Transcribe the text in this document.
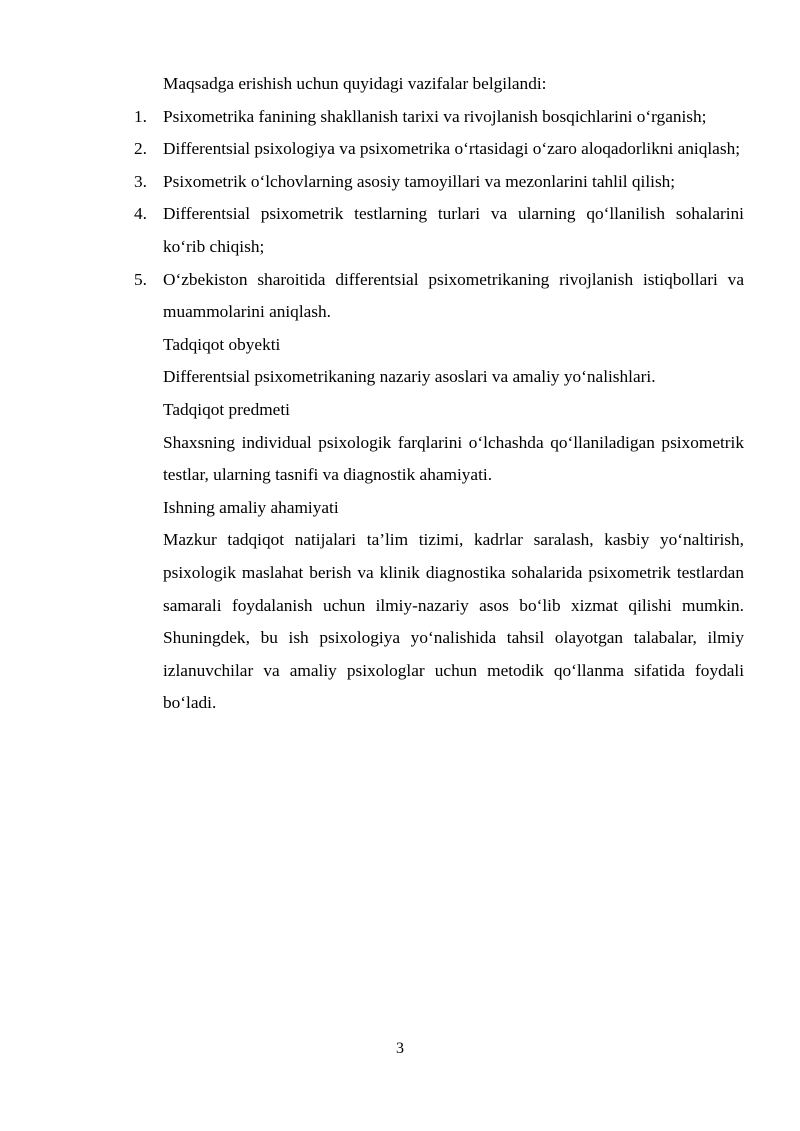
Maqsadga erishish uchun quyidagi vazifalar belgilandi:

1. Psixometrika fanining shakllanish tarixi va rivojlanish bosqichlarini o‘rganish;
2. Differentsial psixologiya va psixometrika o‘rtasidagi o‘zaro aloqadorlikni aniqlash;
3. Psixometrik o‘lchovlarning asosiy tamoyillari va mezonlarini tahlil qilish;
4. Differentsial psixometrik testlarning turlari va ularning qo‘llanilish sohalarini ko‘rib chiqish;
5. O‘zbekiston sharoitida differentsial psixometrikaning rivojlanish istiqbollari va muammolarini aniqlash.

Tadqiqot obyekti

Differentsial psixometrikaning nazariy asoslari va amaliy yo‘nalishlari.

Tadqiqot predmeti

Shaxsning individual psixologik farqlarini o‘lchashda qo‘llaniladigan psixometrik testlar, ularning tasnifi va diagnostik ahamiyati.

Ishning amaliy ahamiyati

Mazkur tadqiqot natijalari ta’lim tizimi, kadrlar saralash, kasbiy yo‘naltirish, psixologik maslahat berish va klinik diagnostika sohalarida psixometrik testlardan samarali foydalanish uchun ilmiy-nazariy asos bo‘lib xizmat qilishi mumkin. Shuningdek, bu ish psixologiya yo‘nalishida tahsil olayotgan talabalar, ilmiy izlanuvchilar va amaliy psixologlar uchun metodik qo‘llanma sifatida foydali bo‘ladi.

3
